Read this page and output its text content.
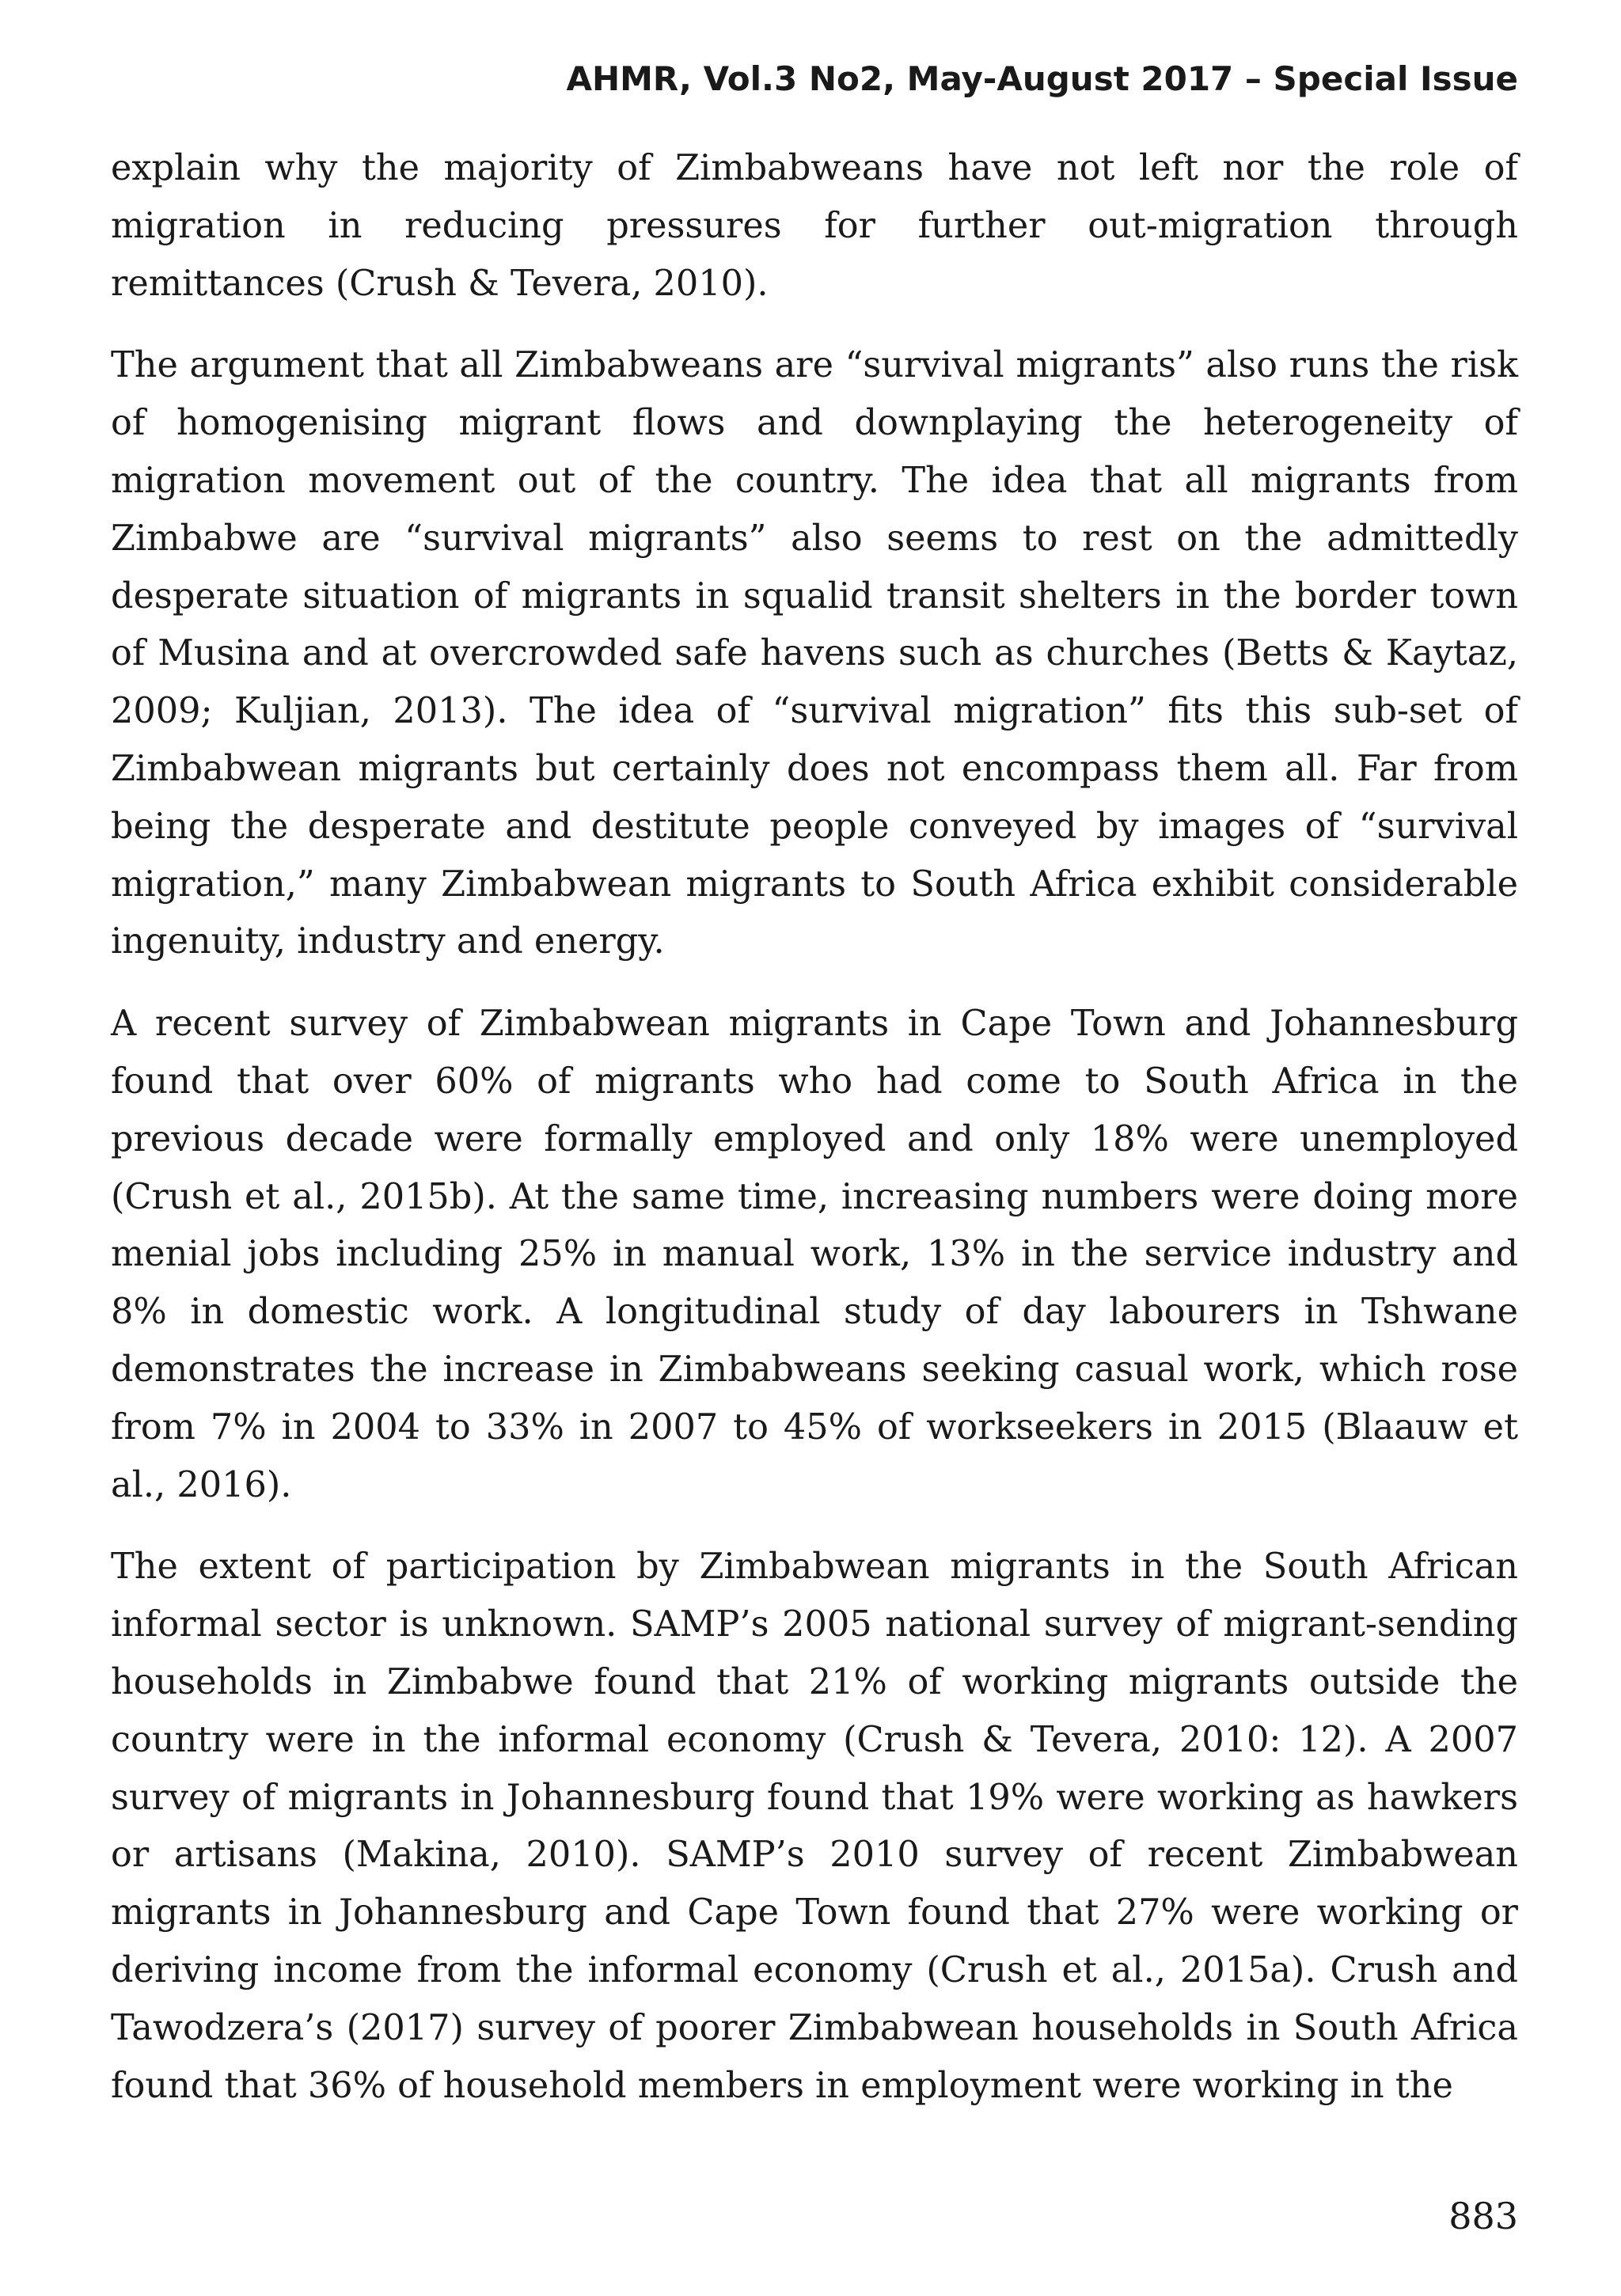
AHMR, Vol.3 No2, May-August 2017 – Special Issue

explain why the majority of Zimbabweans have not left nor the role of migration in reducing pressures for further out-migration through remittances (Crush & Tevera, 2010).

The argument that all Zimbabweans are “survival migrants” also runs the risk of homogenising migrant flows and downplaying the heterogeneity of migration movement out of the country. The idea that all migrants from Zimbabwe are “survival migrants” also seems to rest on the admittedly desperate situation of migrants in squalid transit shelters in the border town of Musina and at overcrowded safe havens such as churches (Betts & Kaytaz, 2009; Kuljian, 2013). The idea of “survival migration” fits this sub-set of Zimbabwean migrants but certainly does not encompass them all. Far from being the desperate and destitute people conveyed by images of “survival migration,” many Zimbabwean migrants to South Africa exhibit considerable ingenuity, industry and energy.

A recent survey of Zimbabwean migrants in Cape Town and Johannesburg found that over 60% of migrants who had come to South Africa in the previous decade were formally employed and only 18% were unemployed (Crush et al., 2015b). At the same time, increasing numbers were doing more menial jobs including 25% in manual work, 13% in the service industry and 8% in domestic work. A longitudinal study of day labourers in Tshwane demonstrates the increase in Zimbabweans seeking casual work, which rose from 7% in 2004 to 33% in 2007 to 45% of workseekers in 2015 (Blaauw et al., 2016).

The extent of participation by Zimbabwean migrants in the South African informal sector is unknown. SAMP’s 2005 national survey of migrant-sending households in Zimbabwe found that 21% of working migrants outside the country were in the informal economy (Crush & Tevera, 2010: 12). A 2007 survey of migrants in Johannesburg found that 19% were working as hawkers or artisans (Makina, 2010). SAMP’s 2010 survey of recent Zimbabwean migrants in Johannesburg and Cape Town found that 27% were working or deriving income from the informal economy (Crush et al., 2015a). Crush and Tawodzera’s (2017) survey of poorer Zimbabwean households in South Africa found that 36% of household members in employment were working in the

883
